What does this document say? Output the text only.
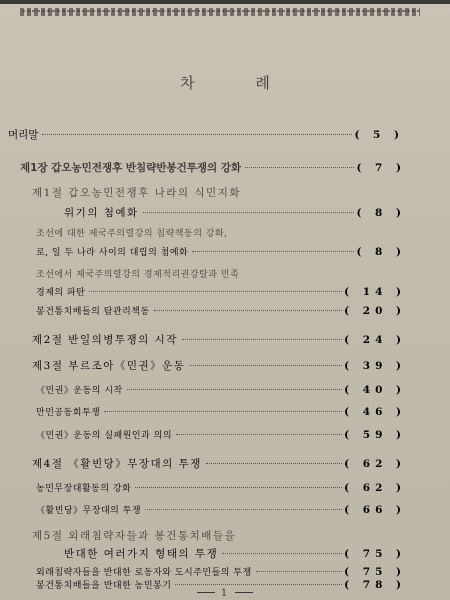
차 례
머리말	( 5 )
제1장 갑오농민전쟁후 반침략반봉건투쟁의 강화	( 7 )
제1절 갑오농민전쟁후 나라의 식민지화
위기의 첨예화	( 8 )
조선에 대한 제국주의렬강의 침략책동의 강화,
로, 일 두 나라 사이의 대립의 첨예화	( 8 )
조선에서 제국주의렬강의 경제적리권강탈과 민족
경제의 파탄	( 14 )
봉건통치배들의 탐관리책동	( 20 )
제2절 반일의병투쟁의 시작	( 24 )
제3절 부르조아《민권》운동	( 39 )
《민권》운동의 시작	( 40 )
만민공동회투쟁	( 46 )
《민권》운동의 실패원인과 의의	( 59 )
제4절 《활빈당》무장대의 투쟁	( 62 )
농민무장대활동의 강화	( 62 )
《활빈당》무장대의 투쟁	( 66 )
제5절 외래침략자들과 봉건통치배들을
반대한 여러가지 형태의 투쟁	( 75 )
외래침략자들을 반대한 로동자와 도시주민들의 투쟁	( 75 )
봉건통치배들을 반대한 농민봉기	( 78 )
1
